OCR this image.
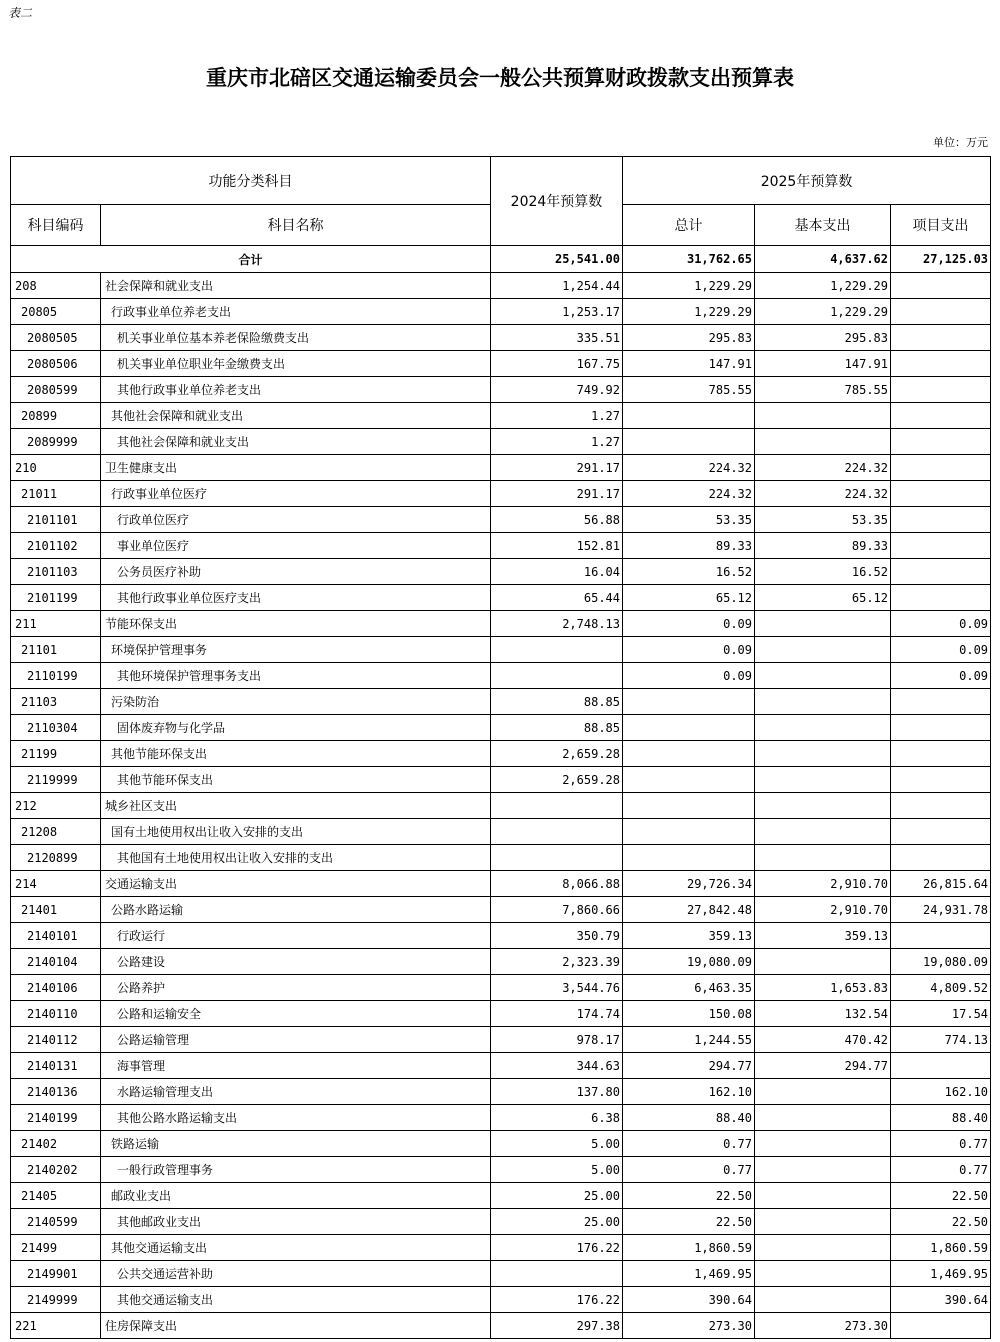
表二
重庆市北碚区交通运输委员会一般公共预算财政拨款支出预算表
单位：万元
功能分类科目		2024年预算数	2025年预算数		
科目编码	科目名称		总计	基本支出	项目支出
合计		25,541.00	31,762.65	4,637.62	27,125.03
208	社会保障和就业支出	1,254.44	1,229.29	1,229.29	
20805	行政事业单位养老支出	1,253.17	1,229.29	1,229.29	
2080505	机关事业单位基本养老保险缴费支出	335.51	295.83	295.83	
2080506	机关事业单位职业年金缴费支出	167.75	147.91	147.91	
2080599	其他行政事业单位养老支出	749.92	785.55	785.55	
20899	其他社会保障和就业支出	1.27			
2089999	其他社会保障和就业支出	1.27			
210	卫生健康支出	291.17	224.32	224.32	
21011	行政事业单位医疗	291.17	224.32	224.32	
2101101	行政单位医疗	56.88	53.35	53.35	
2101102	事业单位医疗	152.81	89.33	89.33	
2101103	公务员医疗补助	16.04	16.52	16.52	
2101199	其他行政事业单位医疗支出	65.44	65.12	65.12	
211	节能环保支出	2,748.13	0.09		0.09
21101	环境保护管理事务		0.09		0.09
2110199	其他环境保护管理事务支出		0.09		0.09
21103	污染防治	88.85			
2110304	固体废弃物与化学品	88.85			
21199	其他节能环保支出	2,659.28			
2119999	其他节能环保支出	2,659.28			
212	城乡社区支出				
21208	国有土地使用权出让收入安排的支出				
2120899	其他国有土地使用权出让收入安排的支出				
214	交通运输支出	8,066.88	29,726.34	2,910.70	26,815.64
21401	公路水路运输	7,860.66	27,842.48	2,910.70	24,931.78
2140101	行政运行	350.79	359.13	359.13	
2140104	公路建设	2,323.39	19,080.09		19,080.09
2140106	公路养护	3,544.76	6,463.35	1,653.83	4,809.52
2140110	公路和运输安全	174.74	150.08	132.54	17.54
2140112	公路运输管理	978.17	1,244.55	470.42	774.13
2140131	海事管理	344.63	294.77	294.77	
2140136	水路运输管理支出	137.80	162.10		162.10
2140199	其他公路水路运输支出	6.38	88.40		88.40
21402	铁路运输	5.00	0.77		0.77
2140202	一般行政管理事务	5.00	0.77		0.77
21405	邮政业支出	25.00	22.50		22.50
2140599	其他邮政业支出	25.00	22.50		22.50
21499	其他交通运输支出	176.22	1,860.59		1,860.59
2149901	公共交通运营补助		1,469.95		1,469.95
2149999	其他交通运输支出	176.22	390.64		390.64
221	住房保障支出	297.38	273.30	273.30	
